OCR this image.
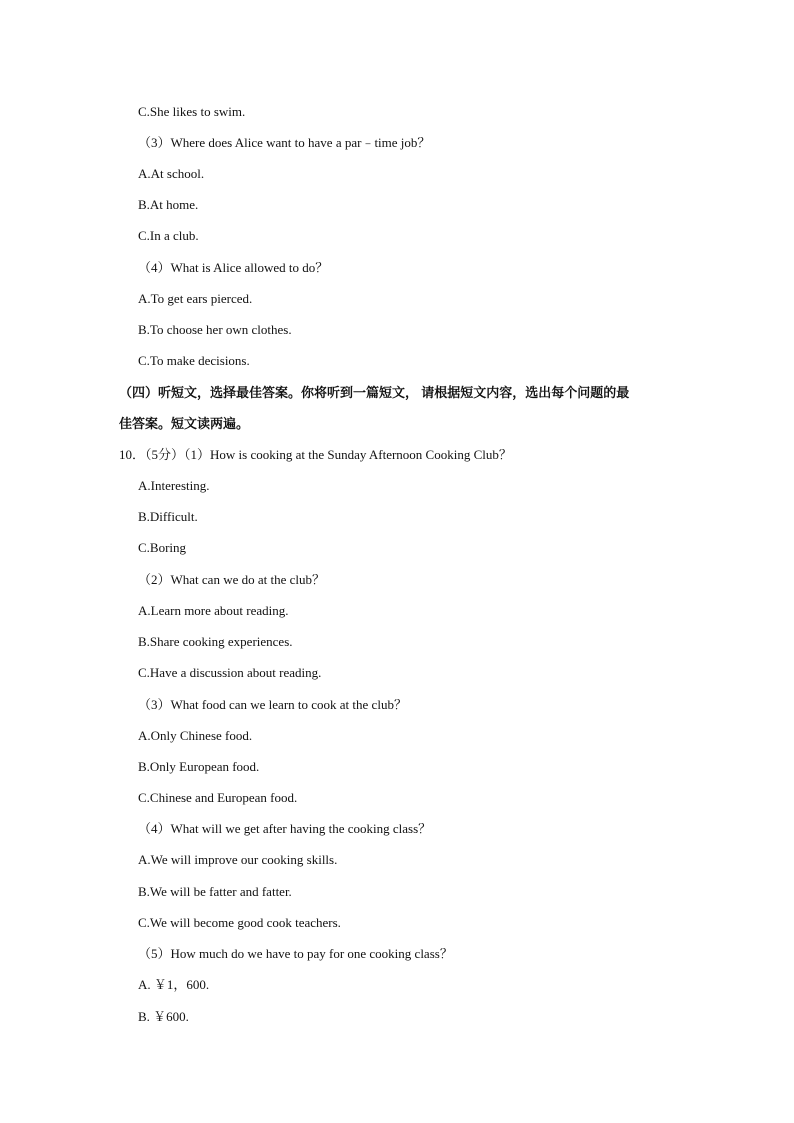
C.She likes to swim.
（3）Where does Alice want to have a par﹣time job？
A.At school.
B.At home.
C.In a club.
（4）What is Alice allowed to do？
A.To get ears pierced.
B.To choose her own clothes.
C.To make decisions.
（四）听短文，选择最佳答案。你将听到一篇短文， 请根据短文内容，选出每个问题的最
佳答案。短文读两遍。
10．（5分）（1）How is cooking at the Sunday Afternoon Cooking Club？
A.Interesting.
B.Difficult.
C.Boring
（2）What can we do at the club？
A.Learn more about reading.
B.Share cooking experiences.
C.Have a discussion about reading.
（3）What food can we learn to cook at the club？
A.Only Chinese food.
B.Only European food.
C.Chinese and European food.
（4）What will we get after having the cooking class？
A.We will improve our cooking skills.
B.We will be fatter and fatter.
C.We will become good cook teachers.
（5）How much do we have to pay for one cooking class？
A. ￥1，600.
B. ￥600.
